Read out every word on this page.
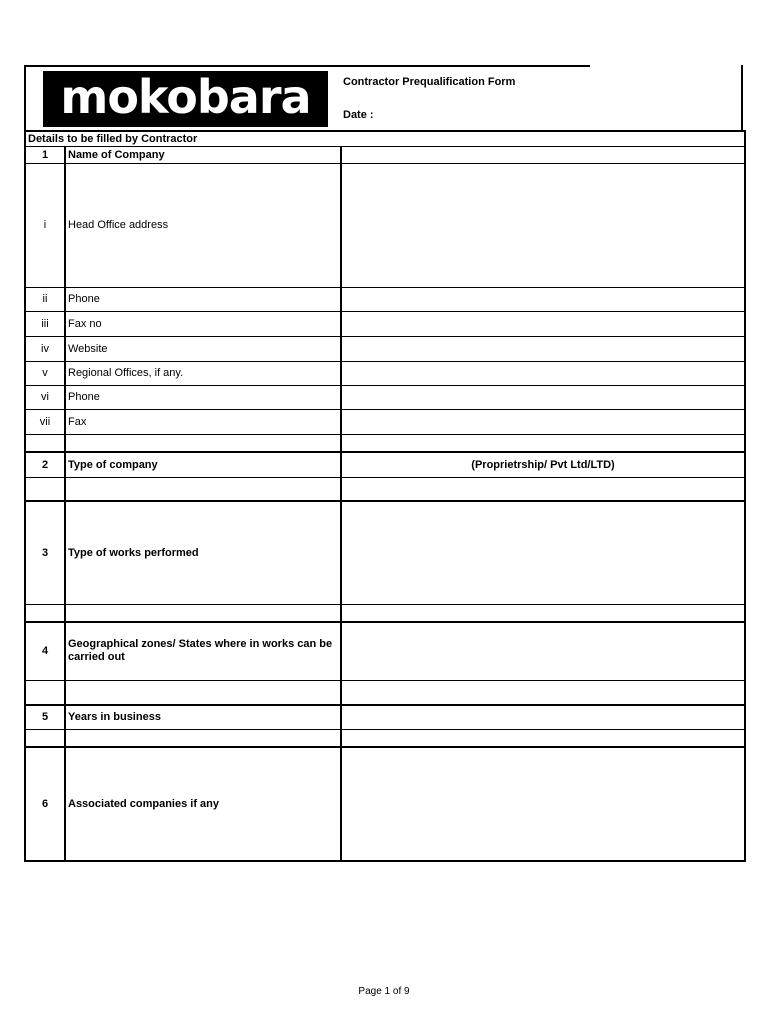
mokobara	Contractor Prequalification Form
Date :
Details to be filled by Contractor		
1	Name of Company	
i	Head Office address	
ii	Phone	
iii	Fax no	
iv	Website	
v	Regional Offices, if any.	
vi	Phone	
vii	Fax	

2	Type of company	(Proprietrship/ Pvt Ltd/LTD)

3	Type of works performed	

4	Geographical zones/ States where in works can be carried out	

5	Years in business	

6	Associated companies if any	
Page 1 of 9
